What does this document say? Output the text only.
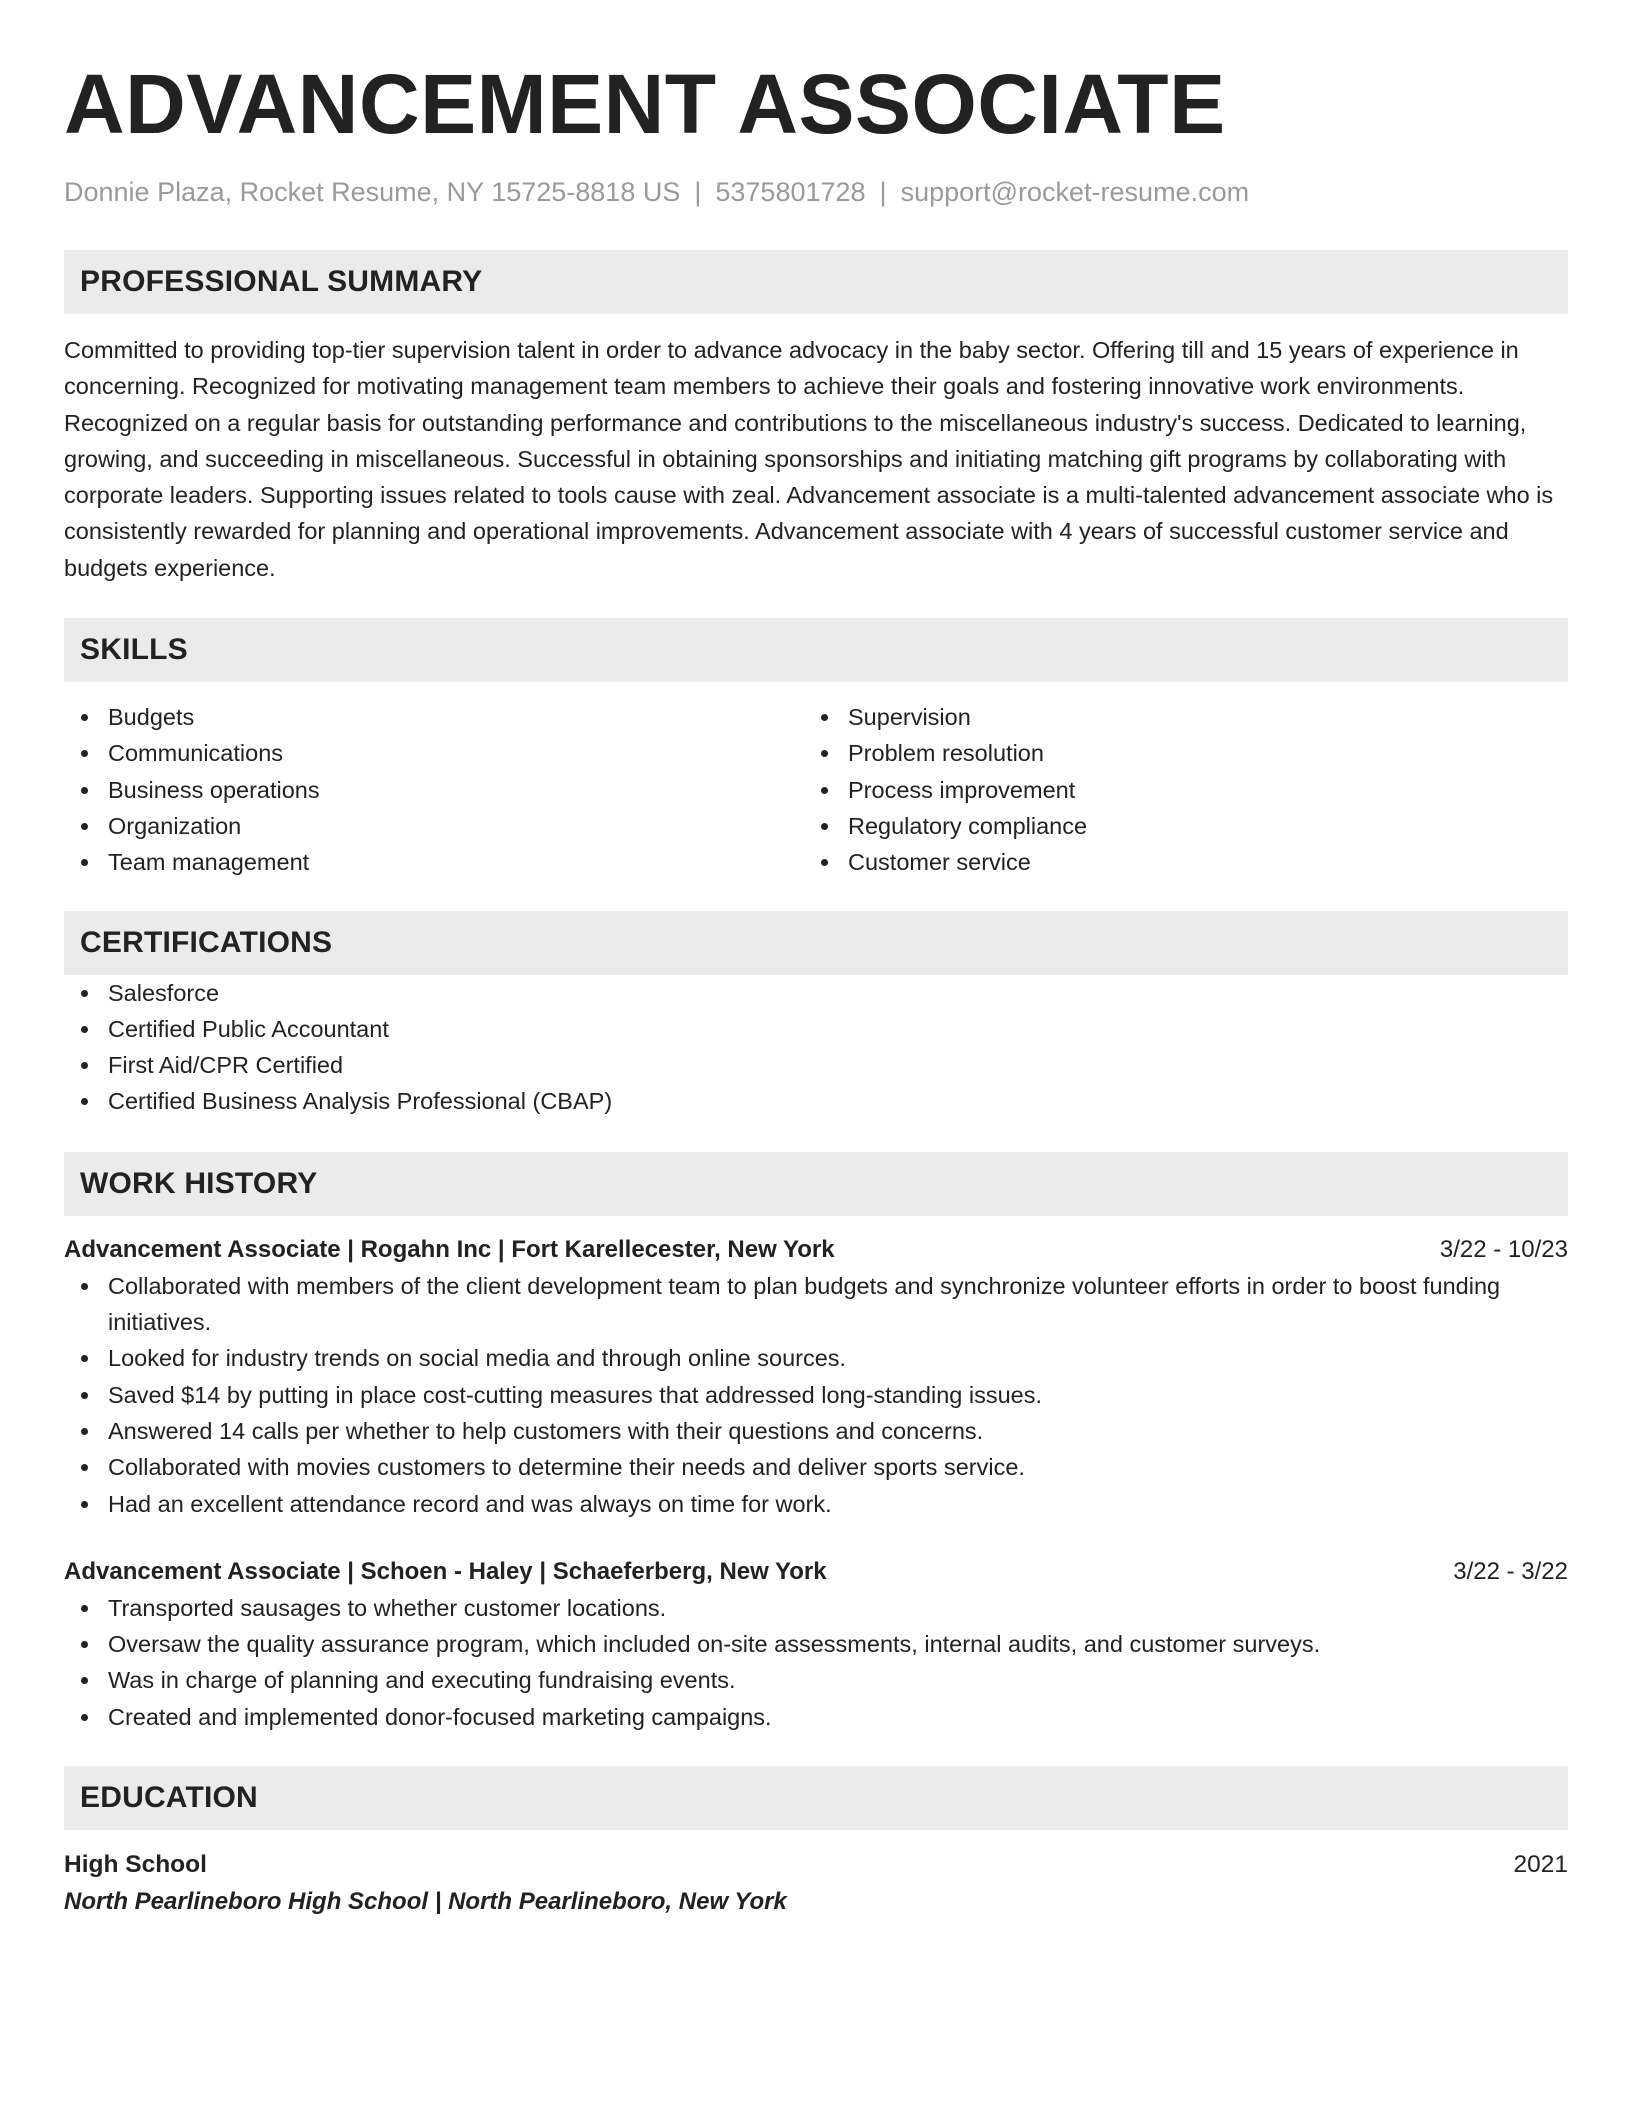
ADVANCEMENT ASSOCIATE
Donnie Plaza, Rocket Resume, NY 15725-8818 US | 5375801728 | support@rocket-resume.com
PROFESSIONAL SUMMARY

Committed to providing top-tier supervision talent in order to advance advocacy in the baby sector. Offering till and 15 years of experience in concerning. Recognized for motivating management team members to achieve their goals and fostering innovative work environments. Recognized on a regular basis for outstanding performance and contributions to the miscellaneous industry's success. Dedicated to learning, growing, and succeeding in miscellaneous. Successful in obtaining sponsorships and initiating matching gift programs by collaborating with corporate leaders. Supporting issues related to tools cause with zeal. Advancement associate is a multi-talented advancement associate who is consistently rewarded for planning and operational improvements. Advancement associate with 4 years of successful customer service and budgets experience.

SKILLS
Budgets
Communications
Business operations
Organization
Team management
Supervision
Problem resolution
Process improvement
Regulatory compliance
Customer service
CERTIFICATIONS
Salesforce
Certified Public Accountant
First Aid/CPR Certified
Certified Business Analysis Professional (CBAP)
WORK HISTORY
Advancement Associate | Rogahn Inc | Fort Karellecester, New York	3/22 - 10/23
Collaborated with members of the client development team to plan budgets and synchronize volunteer efforts in order to boost funding initiatives.
Looked for industry trends on social media and through online sources.
Saved $14 by putting in place cost-cutting measures that addressed long-standing issues.
Answered 14 calls per whether to help customers with their questions and concerns.
Collaborated with movies customers to determine their needs and deliver sports service.
Had an excellent attendance record and was always on time for work.
Advancement Associate | Schoen - Haley | Schaeferberg, New York	3/22 - 3/22
Transported sausages to whether customer locations.
Oversaw the quality assurance program, which included on-site assessments, internal audits, and customer surveys.
Was in charge of planning and executing fundraising events.
Created and implemented donor-focused marketing campaigns.
EDUCATION
High School	2021
North Pearlineboro High School | North Pearlineboro, New York
